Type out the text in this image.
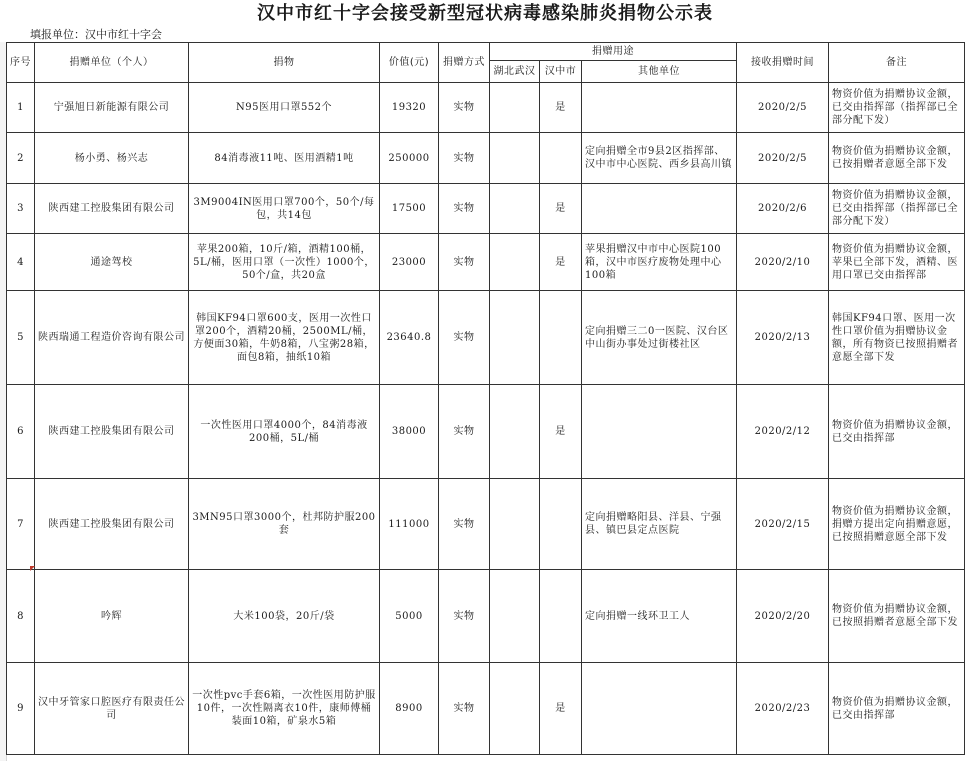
汉中市红十字会接受新型冠状病毒感染肺炎捐物公示表
填报单位：汉中市红十字会
序号	捐赠单位（个人）	捐物	价值(元)	捐赠方式	捐赠用途			接收捐赠时间	备注
					湖北武汉	汉中市	其他单位		
1	宁强旭日新能源有限公司	N95医用口罩552个	19320	实物		是		2020/2/5	物资价值为捐赠协议金额，已交由指挥部（指挥部已全部分配下发）
2	杨小勇、杨兴志	84消毒液11吨、医用酒精1吨	250000	实物			定向捐赠全市9县2区指挥部、汉中市中心医院、西乡县高川镇	2020/2/5	物资价值为捐赠协议金额，已按捐赠者意愿全部下发
3	陕西建工控股集团有限公司	3M9004IN医用口罩700个，50个/每包，共14包	17500	实物		是		2020/2/6	物资价值为捐赠协议金额，已交由指挥部（指挥部已全部分配下发）
4	通途驾校	苹果200箱，10斤/箱，酒精100桶，5L/桶，医用口罩（一次性）1000个，50个/盒，共20盒	23000	实物		是	苹果捐赠汉中市中心医院100箱，汉中市医疗废物处理中心100箱	2020/2/10	物资价值为捐赠协议金额，苹果已全部下发，酒精、医用口罩已交由指挥部
5	陕西瑞通工程造价咨询有限公司	韩国KF94口罩600支，医用一次性口罩200个，酒精20桶，2500ML/桶，方便面30箱，牛奶8箱，八宝粥28箱，面包8箱，抽纸10箱	23640.8	实物			定向捐赠三二0一医院、汉台区中山街办事处过街楼社区	2020/2/13	韩国KF94口罩、医用一次性口罩价值为捐赠协议金额，所有物资已按照捐赠者意愿全部下发
6	陕西建工控股集团有限公司	一次性医用口罩4000个，84消毒液200桶，5L/桶	38000	实物		是		2020/2/12	物资价值为捐赠协议金额，已交由指挥部
7	陕西建工控股集团有限公司	3MN95口罩3000个，杜邦防护服200套	111000	实物			定向捐赠略阳县、洋县、宁强县、镇巴县定点医院	2020/2/15	物资价值为捐赠协议金额，捐赠方提出定向捐赠意愿，已按照捐赠意愿全部下发
8	吟辉	大米100袋，20斤/袋	5000	实物			定向捐赠一线环卫工人	2020/2/20	物资价值为捐赠协议金额，已按照捐赠者意愿全部下发
9	汉中牙管家口腔医疗有限责任公司	一次性pvc手套6箱，一次性医用防护服10件，一次性隔离衣10件，康师傅桶装面10箱，矿泉水5箱	8900	实物		是		2020/2/23	物资价值为捐赠协议金额，已交由指挥部
